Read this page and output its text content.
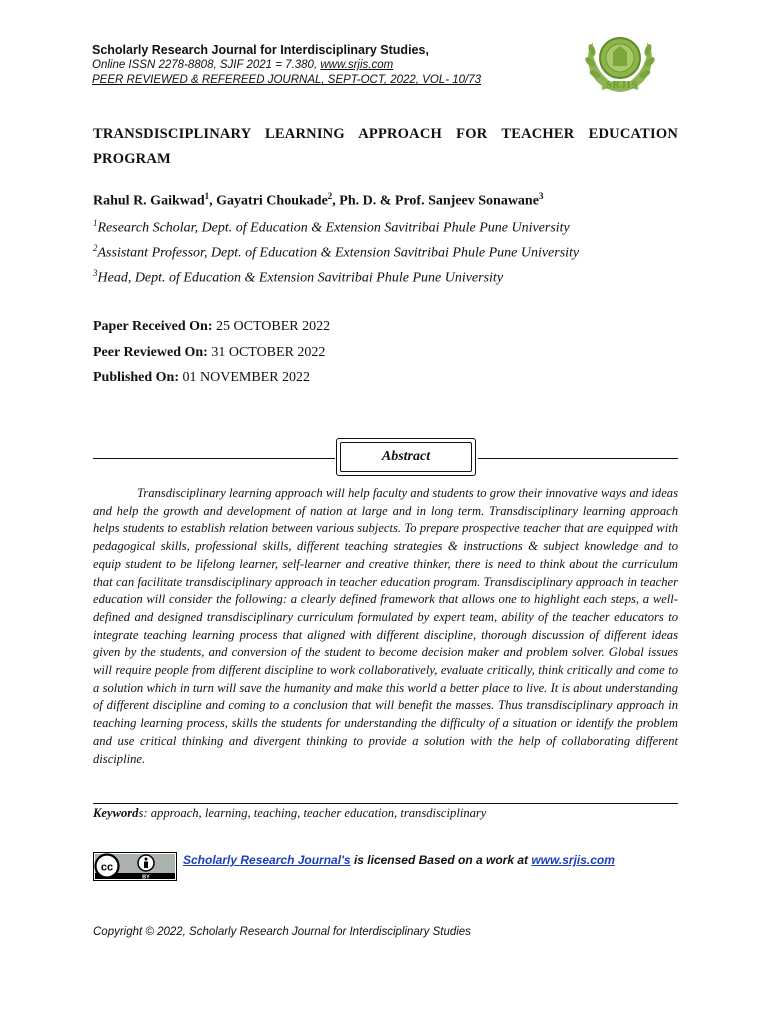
Scholarly Research Journal for Interdisciplinary Studies,
Online ISSN 2278-8808, SJIF 2021 = 7.380, www.srjis.com
PEER REVIEWED & REFEREED JOURNAL, SEPT-OCT, 2022, VOL- 10/73	SRJIS
TRANSDISCIPLINARY LEARNING APPROACH FOR TEACHER EDUCATION PROGRAM
Rahul R. Gaikwad$^1$, Gayatri Choukade$^2$, Ph. D. & Prof. Sanjeev Sonawane$^3$
$^1$Research Scholar, Dept. of Education & Extension Savitribai Phule Pune University
$^2$Assistant Professor, Dept. of Education & Extension Savitribai Phule Pune University
$^3$Head, Dept. of Education & Extension Savitribai Phule Pune University
Paper Received On: 25 OCTOBER 2022
Peer Reviewed On: 31 OCTOBER 2022
Published On: 01 NOVEMBER 2022
Abstract

Transdisciplinary learning approach will help faculty and students to grow their innovative ways and ideas and help the growth and development of nation at large and in long term. Transdisciplinary learning approach helps students to establish relation between various subjects. To prepare prospective teacher that are equipped with pedagogical skills, professional skills, different teaching strategies & instructions & subject knowledge and to equip student to be lifelong learner, self-learner and creative thinker, there is need to think about the curriculum that can facilitate transdisciplinary approach in teacher education program. Transdisciplinary approach in teacher education will consider the following: a clearly defined framework that allows one to highlight each steps, a well-defined and designed transdisciplinary curriculum formulated by expert team, ability of the teacher educators to integrate teaching learning process that aligned with different discipline, thorough discussion of different ideas given by the students, and conversion of the student to become decision maker and problem solver. Global issues will require people from different discipline to work collaboratively, evaluate critically, think critically and come to a solution which in turn will save the humanity and make this world a better place to live. It is about understanding of different discipline and coming to a conclusion that will benefit the masses. Thus transdisciplinary approach in teaching learning process, skills the students for understanding the difficulty of a situation or identify the problem and use critical thinking and divergent thinking to provide a solution with the help of collaborating different discipline.

Keywords: approach, learning, teaching, teacher education, transdisciplinary
cc
BY
Scholarly Research Journal's is licensed Based on a work at www.srjis.com
Copyright © 2022, Scholarly Research Journal for Interdisciplinary Studies
